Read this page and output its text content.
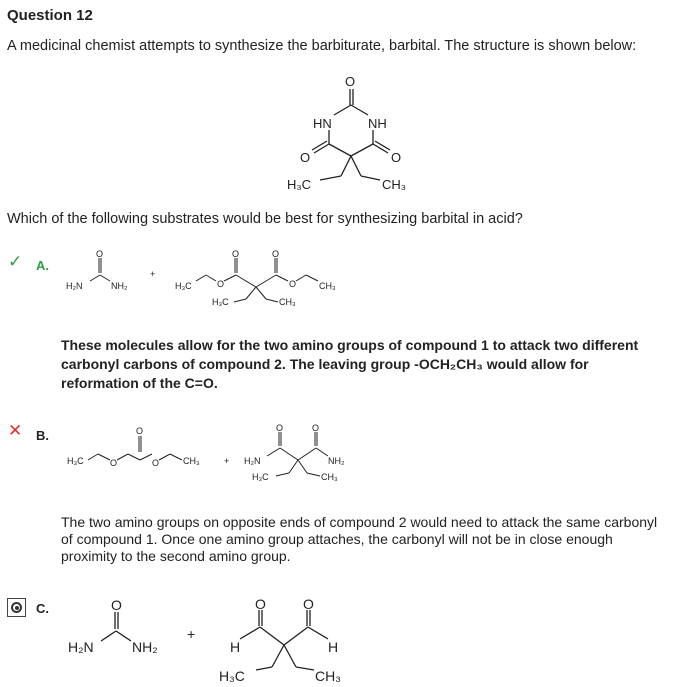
Question 12
A medicinal chemist attempts to synthesize the barbiturate, barbital. The structure is shown below:
O
HN	NH
O	O
H₃C	CH₃
Which of the following substrates would be best for synthesizing barbital in acid?
✓ A.
O
H₂N	NH₂
+
H₃C	O
O	O
O	CH₃
H₃C	CH₃
These molecules allow for the two amino groups of compound 1 to attack two different
carbonyl carbons of compound 2. The leaving group -OCH₂CH₃ would allow for
reformation of the C=O.
✕ B.
H₃C	O
O
O	CH₃	+ H₂N
O	O
NH₂
H₃C	CH₃
The two amino groups on opposite ends of compound 2 would need to attack the same carbonyl of compound 1. Once one amino group attaches, the carbonyl will not be in close enough proximity to the second amino group.
C.	O
H₂N	NH₂
+
O	O
H	H
H₃C	CH₃
